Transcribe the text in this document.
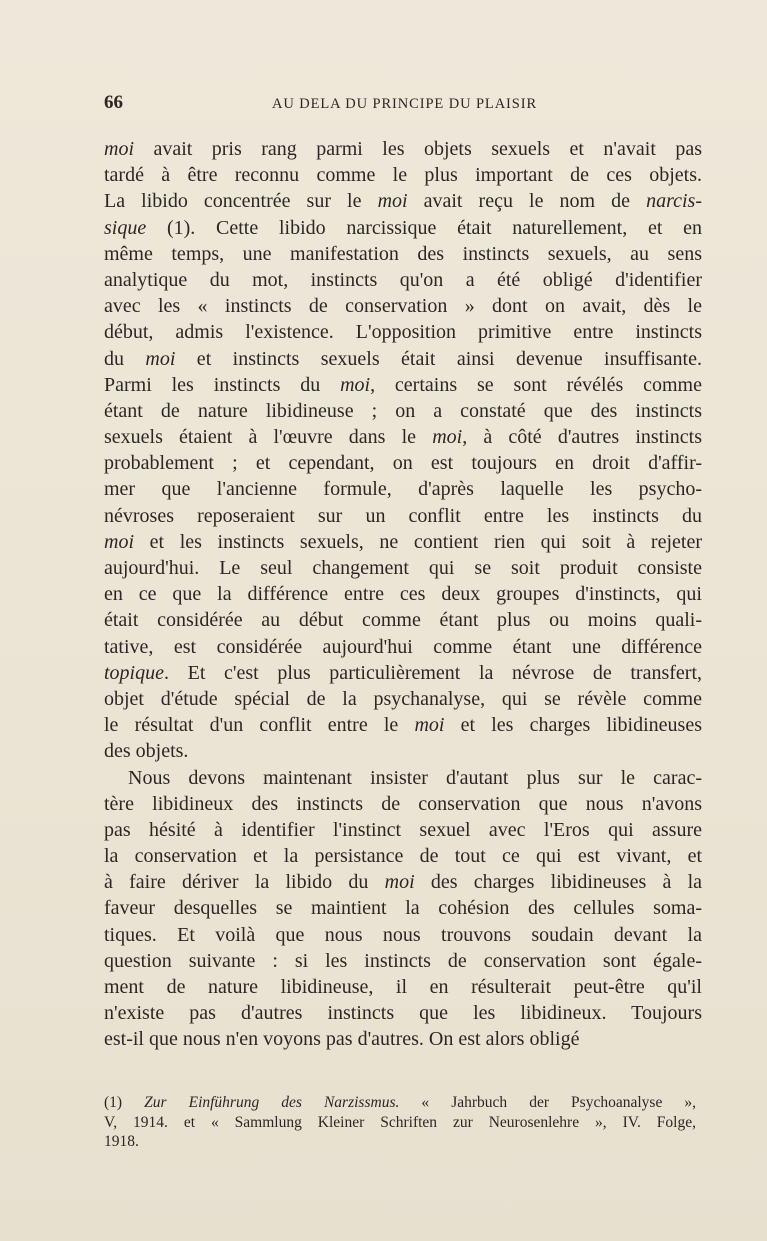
66	AU DELA DU PRINCIPE DU PLAISIR
moi avait pris rang parmi les objets sexuels et n'avait pas
tardé à être reconnu comme le plus important de ces objets.
La libido concentrée sur le moi avait reçu le nom de narcis-
sique (1). Cette libido narcissique était naturellement, et en
même temps, une manifestation des instincts sexuels, au sens
analytique du mot, instincts qu'on a été obligé d'identifier
avec les « instincts de conservation » dont on avait, dès le
début, admis l'existence. L'opposition primitive entre instincts
du moi et instincts sexuels était ainsi devenue insuffisante.
Parmi les instincts du moi, certains se sont révélés comme
étant de nature libidineuse ; on a constaté que des instincts
sexuels étaient à l'œuvre dans le moi, à côté d'autres instincts
probablement ; et cependant, on est toujours en droit d'affir-
mer que l'ancienne formule, d'après laquelle les psycho-
névroses reposeraient sur un conflit entre les instincts du
moi et les instincts sexuels, ne contient rien qui soit à rejeter
aujourd'hui. Le seul changement qui se soit produit consiste
en ce que la différence entre ces deux groupes d'instincts, qui
était considérée au début comme étant plus ou moins quali-
tative, est considérée aujourd'hui comme étant une différence
topique. Et c'est plus particulièrement la névrose de transfert,
objet d'étude spécial de la psychanalyse, qui se révèle comme
le résultat d'un conflit entre le moi et les charges libidineuses
des objets.
Nous devons maintenant insister d'autant plus sur le carac-
tère libidineux des instincts de conservation que nous n'avons
pas hésité à identifier l'instinct sexuel avec l'Eros qui assure
la conservation et la persistance de tout ce qui est vivant, et
à faire dériver la libido du moi des charges libidineuses à la
faveur desquelles se maintient la cohésion des cellules soma-
tiques. Et voilà que nous nous trouvons soudain devant la
question suivante : si les instincts de conservation sont égale-
ment de nature libidineuse, il en résulterait peut-être qu'il
n'existe pas d'autres instincts que les libidineux. Toujours
est-il que nous n'en voyons pas d'autres. On est alors obligé
(1) Zur Einführung des Narzissmus. « Jahrbuch der Psychoanalyse »,
V, 1914. et « Sammlung Kleiner Schriften zur Neurosenlehre », IV. Folge,
1918.
